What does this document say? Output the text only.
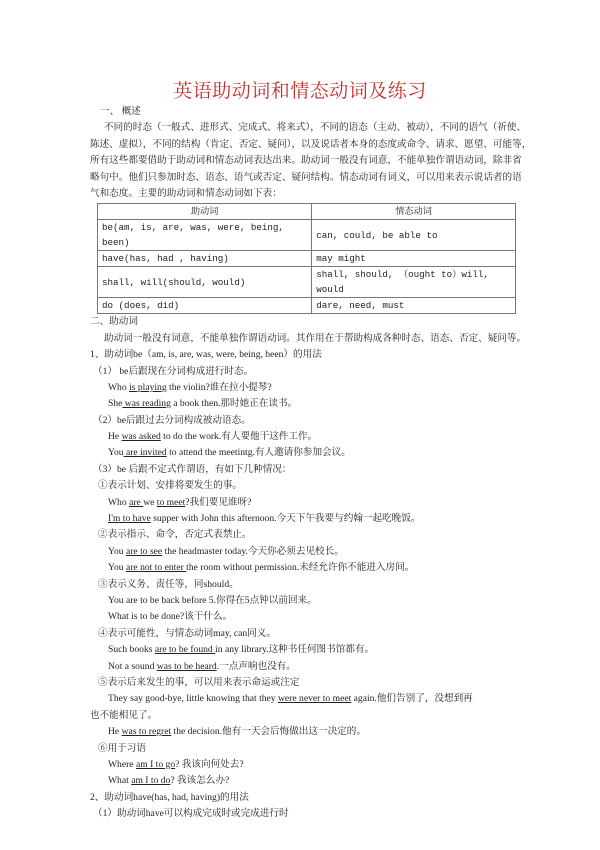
英语助动词和情态动词及练习
一、 概述
不同的时态（一般式、进形式、完成式、将来式），不同的语态（主动、被动），不同的语气（祈使、
陈述、虚拟），不同的结构（肯定、否定、疑问），以及说话者本身的态度或命令、请求、愿望、可能等，
所有这些都要借助于助动词和情态动词表达出来。助动词一般没有词意，不能单独作谓语动词，除非省
略句中。他们只参加时态、语态、语气或否定、疑问结构。情态动词有词义，可以用来表示说话者的语
气和态度。主要的助动词和情态动词如下表：
助动词	情态动词
be(am, is, are, was, were, being, been)	can, could, be able to
have(has, had , having)	may might
shall, will(should, would)	shall, should, （ought to）will, would
do (does, did)	dare, need, must
二、助动词
助动词一般没有词意，不能单独作谓语动词。其作用在于帮助构成各种时态、语态、否定、疑问等。
1、助动词be（am, is, are, was, were, being, been）的用法
（1） be后跟现在分词构成进行时态。
Who is playing the violin?谁在拉小提琴?
She was reading a book then.那时她正在读书。
（2）be后跟过去分词构成被动语态。
He was asked to do the work.有人要他干这件工作。
You are invited to attend the meetintg.有人邀请你参加会议。
（3）be 后跟不定式作谓语，有如下几种情况：
①表示计划、安排将要发生的事。
Who are we to meet?我们要见谁呀?
I'm to have supper with John this afternoon.今天下午我要与约翰一起吃晚饭。
②表示指示、命令，否定式表禁止。
You are to see the headmaster today.今天你必须去见校长。
You are not to enter the room without permission.未经允许你不能进入房间。
③表示义务、责任等，同should。
You are to be back before 5.你得在5点钟以前回来。
What is to be done?该干什么。
④表示可能性，与情态动词may, can同义。
Such books are to be found in any library.这种书任何图书馆都有。
Not a sound was to be heard.一点声响也没有。
⑤表示后来发生的事，可以用来表示命运或注定
They say good-bye, little knowing that they were never to meet again.他们告别了，没想到再
也不能相见了。
He was to regret the decision.他有一天会后悔做出这一决定的。
⑥用于习语
Where am I to go? 我该向何处去?
What am I to do? 我该怎么办?
2、助动词have(has, had, having)的用法
（1）助动词have可以构成完成时或完成进行时
